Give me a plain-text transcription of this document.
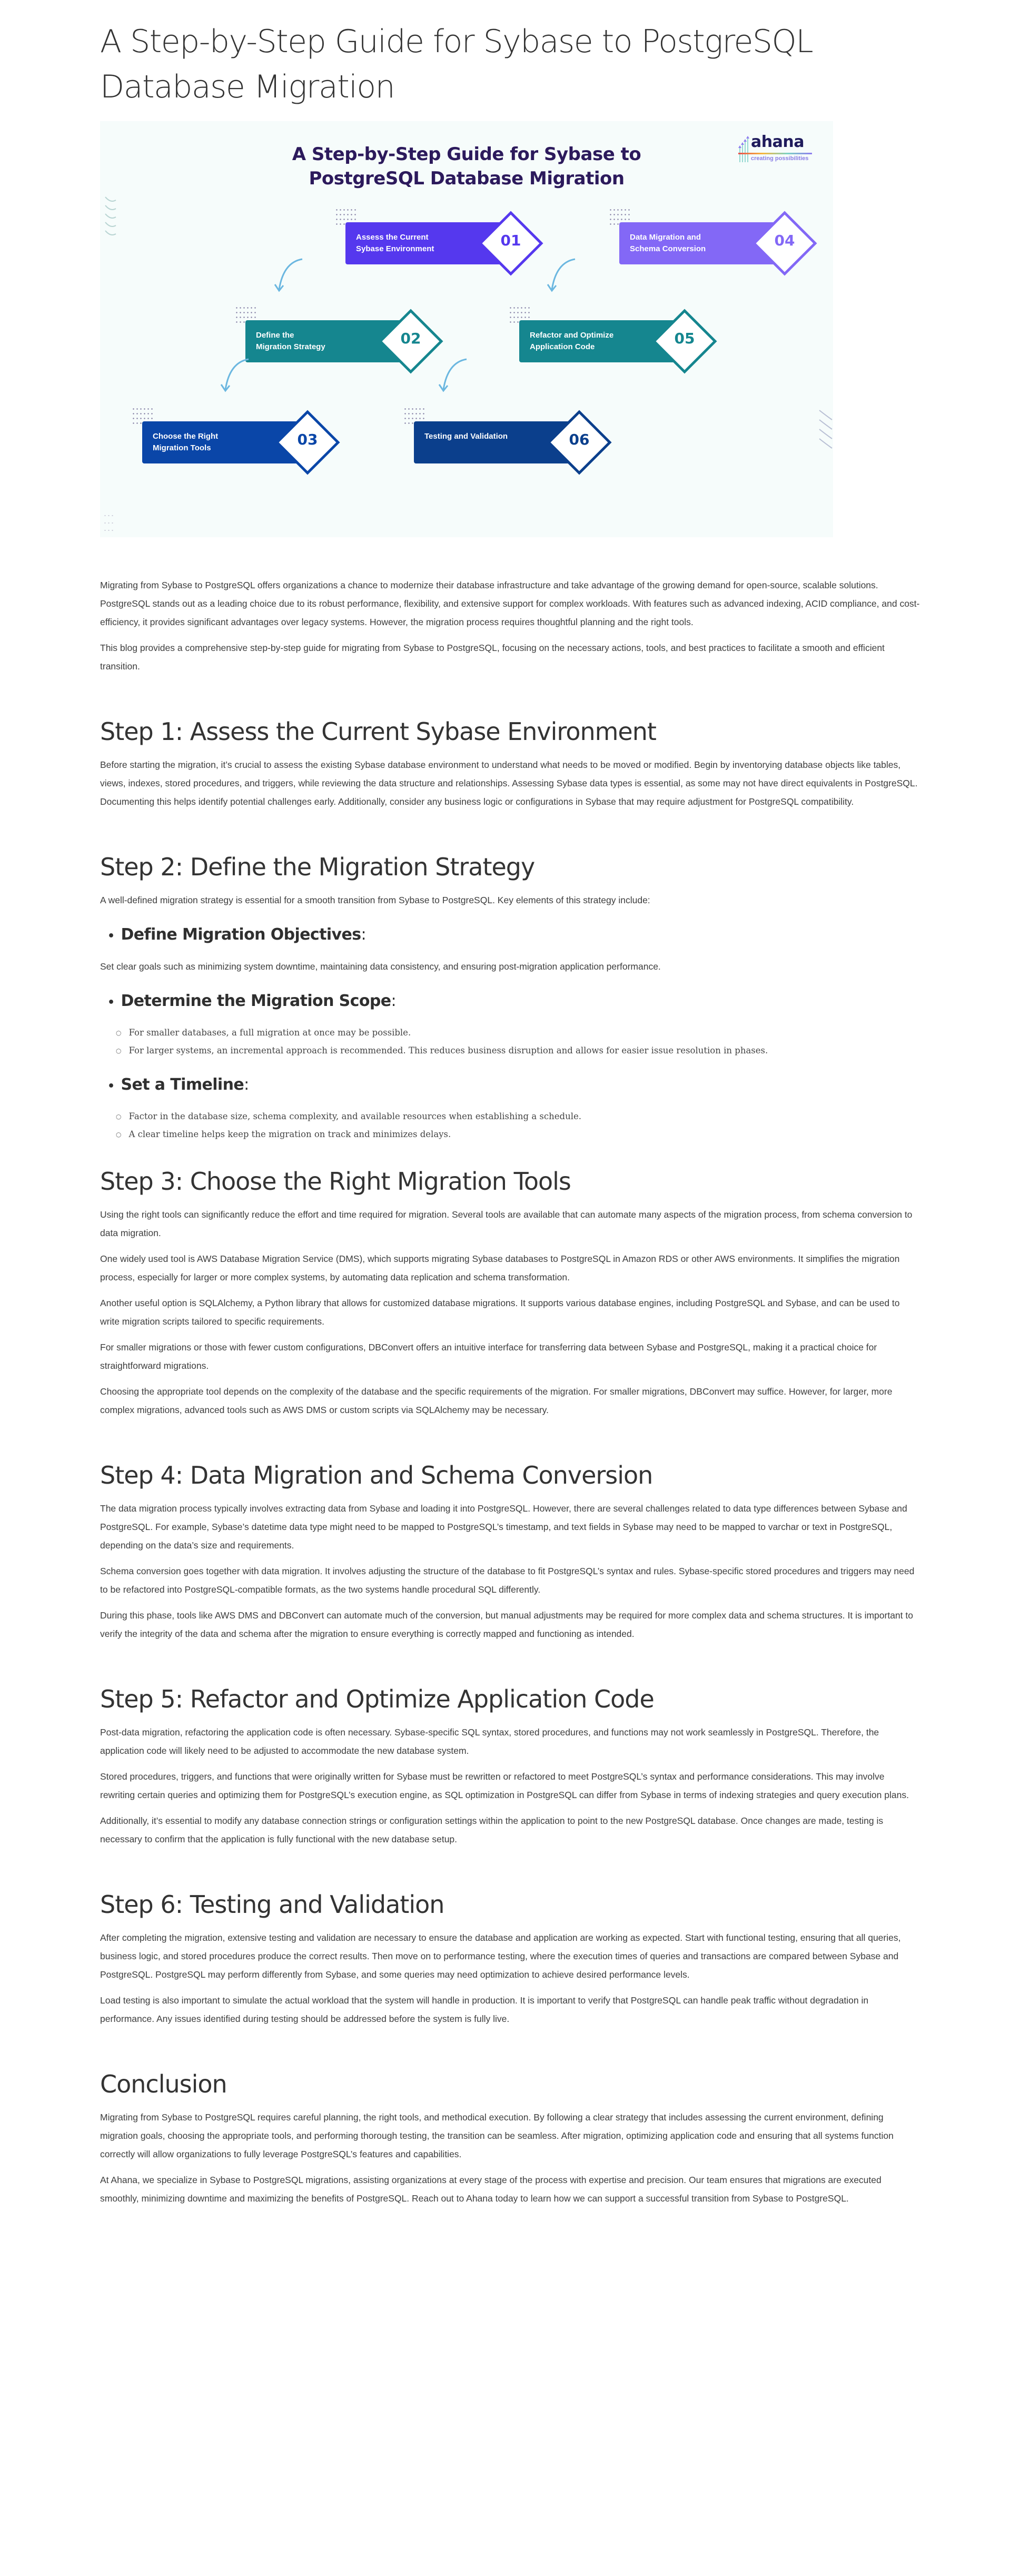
A Step-by-Step Guide for Sybase to PostgreSQL Database Migration
A Step-by-Step Guide for Sybase to
PostgreSQL Database Migration
ahana
creating possibilities
Assess the Current
Sybase Environment	01	Data Migration and
Schema Conversion	04
Define the
Migration Strategy	02	Refactor and Optimize
Application Code	05
Choose the Right
Migration Tools	03	Testing and Validation	06

Migrating from Sybase to PostgreSQL offers organizations a chance to modernize their database infrastructure and take advantage of the growing demand for open-source, scalable solutions. PostgreSQL stands out as a leading choice due to its robust performance, flexibility, and extensive support for complex workloads. With features such as advanced indexing, ACID compliance, and cost-efficiency, it provides significant advantages over legacy systems. However, the migration process requires thoughtful planning and the right tools.

This blog provides a comprehensive step-by-step guide for migrating from Sybase to PostgreSQL, focusing on the necessary actions, tools, and best practices to facilitate a smooth and efficient transition.

Step 1: Assess the Current Sybase Environment

Before starting the migration, it’s crucial to assess the existing Sybase database environment to understand what needs to be moved or modified. Begin by inventorying database objects like tables, views, indexes, stored procedures, and triggers, while reviewing the data structure and relationships. Assessing Sybase data types is essential, as some may not have direct equivalents in PostgreSQL. Documenting this helps identify potential challenges early. Additionally, consider any business logic or configurations in Sybase that may require adjustment for PostgreSQL compatibility.

Step 2: Define the Migration Strategy

A well-defined migration strategy is essential for a smooth transition from Sybase to PostgreSQL. Key elements of this strategy include:

• Define Migration Objectives :

Set clear goals such as minimizing system downtime, maintaining data consistency, and ensuring post-migration application performance.

• Determine the Migration Scope :
○ For smaller databases, a full migration at once may be possible.
○ For larger systems, an incremental approach is recommended. This reduces business disruption and allows for easier issue resolution in phases.
• Set a Timeline :
○ Factor in the database size, schema complexity, and available resources when establishing a schedule.
○ A clear timeline helps keep the migration on track and minimizes delays.
Step 3: Choose the Right Migration Tools

Using the right tools can significantly reduce the effort and time required for migration. Several tools are available that can automate many aspects of the migration process, from schema conversion to data migration.

One widely used tool is AWS Database Migration Service (DMS), which supports migrating Sybase databases to PostgreSQL in Amazon RDS or other AWS environments. It simplifies the migration process, especially for larger or more complex systems, by automating data replication and schema transformation.

Another useful option is SQLAlchemy, a Python library that allows for customized database migrations. It supports various database engines, including PostgreSQL and Sybase, and can be used to write migration scripts tailored to specific requirements.

For smaller migrations or those with fewer custom configurations, DBConvert offers an intuitive interface for transferring data between Sybase and PostgreSQL, making it a practical choice for straightforward migrations.

Choosing the appropriate tool depends on the complexity of the database and the specific requirements of the migration. For smaller migrations, DBConvert may suffice. However, for larger, more complex migrations, advanced tools such as AWS DMS or custom scripts via SQLAlchemy may be necessary.

Step 4: Data Migration and Schema Conversion

The data migration process typically involves extracting data from Sybase and loading it into PostgreSQL. However, there are several challenges related to data type differences between Sybase and PostgreSQL. For example, Sybase’s datetime data type might need to be mapped to PostgreSQL’s timestamp, and text fields in Sybase may need to be mapped to varchar or text in PostgreSQL, depending on the data’s size and requirements.

Schema conversion goes together with data migration. It involves adjusting the structure of the database to fit PostgreSQL’s syntax and rules. Sybase-specific stored procedures and triggers may need to be refactored into PostgreSQL-compatible formats, as the two systems handle procedural SQL differently.

During this phase, tools like AWS DMS and DBConvert can automate much of the conversion, but manual adjustments may be required for more complex data and schema structures. It is important to verify the integrity of the data and schema after the migration to ensure everything is correctly mapped and functioning as intended.

Step 5: Refactor and Optimize Application Code

Post-data migration, refactoring the application code is often necessary. Sybase-specific SQL syntax, stored procedures, and functions may not work seamlessly in PostgreSQL. Therefore, the application code will likely need to be adjusted to accommodate the new database system.

Stored procedures, triggers, and functions that were originally written for Sybase must be rewritten or refactored to meet PostgreSQL’s syntax and performance considerations. This may involve rewriting certain queries and optimizing them for PostgreSQL’s execution engine, as SQL optimization in PostgreSQL can differ from Sybase in terms of indexing strategies and query execution plans.

Additionally, it’s essential to modify any database connection strings or configuration settings within the application to point to the new PostgreSQL database. Once changes are made, testing is necessary to confirm that the application is fully functional with the new database setup.

Step 6: Testing and Validation

After completing the migration, extensive testing and validation are necessary to ensure the database and application are working as expected. Start with functional testing, ensuring that all queries, business logic, and stored procedures produce the correct results. Then move on to performance testing, where the execution times of queries and transactions are compared between Sybase and PostgreSQL. PostgreSQL may perform differently from Sybase, and some queries may need optimization to achieve desired performance levels.

Load testing is also important to simulate the actual workload that the system will handle in production. It is important to verify that PostgreSQL can handle peak traffic without degradation in performance. Any issues identified during testing should be addressed before the system is fully live.

Conclusion

Migrating from Sybase to PostgreSQL requires careful planning, the right tools, and methodical execution. By following a clear strategy that includes assessing the current environment, defining migration goals, choosing the appropriate tools, and performing thorough testing, the transition can be seamless. After migration, optimizing application code and ensuring that all systems function correctly will allow organizations to fully leverage PostgreSQL’s features and capabilities.

At Ahana, we specialize in Sybase to PostgreSQL migrations, assisting organizations at every stage of the process with expertise and precision. Our team ensures that migrations are executed smoothly, minimizing downtime and maximizing the benefits of PostgreSQL. Reach out to Ahana today to learn how we can support a successful transition from Sybase to PostgreSQL.
